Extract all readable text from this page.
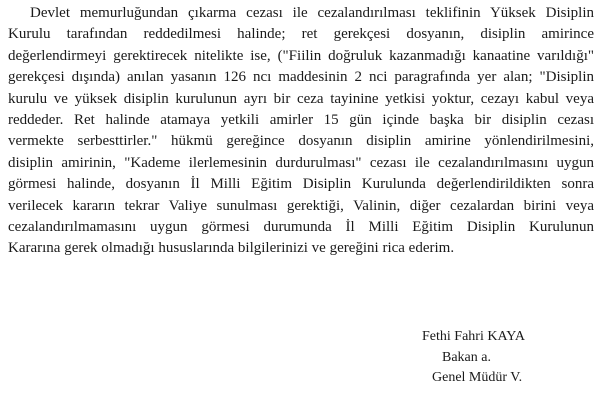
Devlet memurluğundan çıkarma cezası ile cezalandırılması teklifinin Yüksek Disiplin
Kurulu tarafından reddedilmesi halinde; ret gerekçesi dosyanın, disiplin amirince
değerlendirmeyi gerektirecek nitelikte ise, ("Fiilin doğruluk kazanmadığı kanaatine varıldığı"
gerekçesi dışında) anılan yasanın 126 ncı maddesinin 2 nci paragrafında yer alan; "Disiplin
kurulu ve yüksek disiplin kurulunun ayrı bir ceza tayinine yetkisi yoktur, cezayı kabul veya
reddeder. Ret halinde atamaya yetkili amirler 15 gün içinde başka bir disiplin cezası
vermekte serbesttirler." hükmü gereğince dosyanın disiplin amirine yönlendirilmesini,
disiplin amirinin, "Kademe ilerlemesinin durdurulması" cezası ile cezalandırılmasını uygun
görmesi halinde, dosyanın İl Milli Eğitim Disiplin Kurulunda değerlendirildikten sonra
verilecek kararın tekrar Valiye sunulması gerektiği, Valinin, diğer cezalardan birini veya
cezalandırılmamasını uygun görmesi durumunda İl Milli Eğitim Disiplin Kurulunun
Kararına gerek olmadığı hususlarında bilgilerinizi ve gereğini rica ederim.
Fethi Fahri KAYA
Bakan a.
Genel Müdür V.
